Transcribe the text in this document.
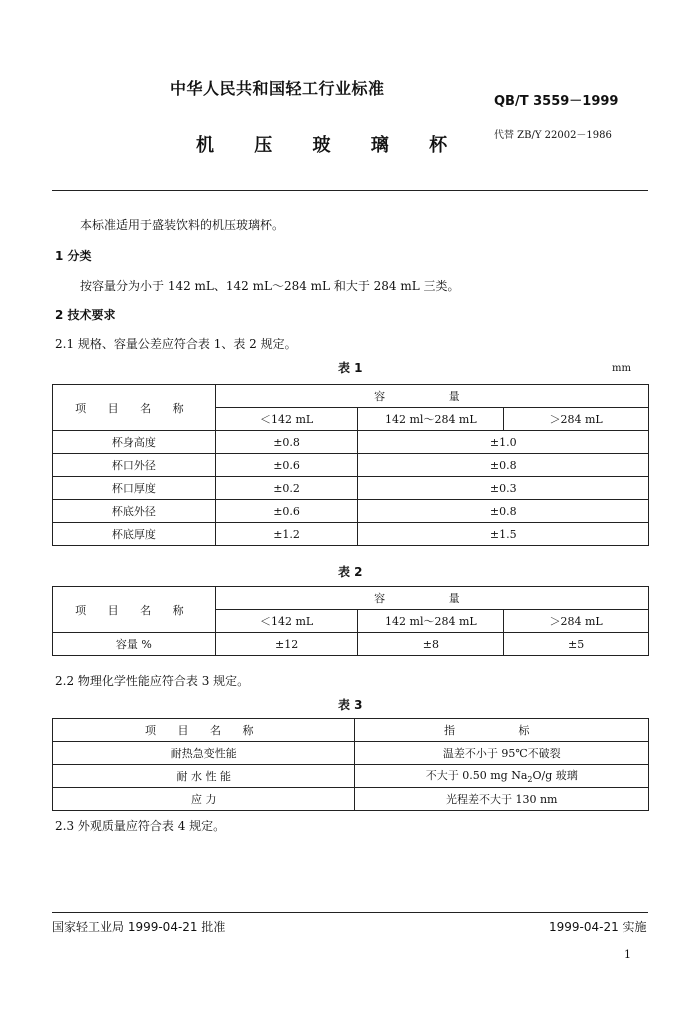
中华人民共和国轻工行业标准
QB/T 3559－1999
机 压 玻 璃 杯	代替 ZB/Y 22002－1986
本标准适用于盛装饮料的机压玻璃杯。
1 分类
按容量分为小于 142 mL、142 mL～284 mL 和大于 284 mL 三类。
2 技术要求
2.1 规格、容量公差应符合表 1、表 2 规定。
表 1	mm
项 目 名 称	容 量		
	＜142 mL	142 ml～284 mL	＞284 mL
杯身高度	±0.8	±1.0	
杯口外径	±0.6	±0.8	
杯口厚度	±0.2	±0.3	
杯底外径	±0.6	±0.8	
杯底厚度	±1.2	±1.5	
表 2
项 目 名 称	容 量		
	＜142 mL	142 ml～284 mL	＞284 mL
容量 %	±12	±8	±5
2.2 物理化学性能应符合表 3 规定。
表 3
项 目 名 称	指 标
耐热急变性能	温差不小于 95℃不破裂
耐 水 性 能	不大于 0.50 mg $Na_2O/g$ 玻璃
应 力	光程差不大于 130 nm
2.3 外观质量应符合表 4 规定。
国家轻工业局 1999-04-21 批准	1999-04-21 实施
1
